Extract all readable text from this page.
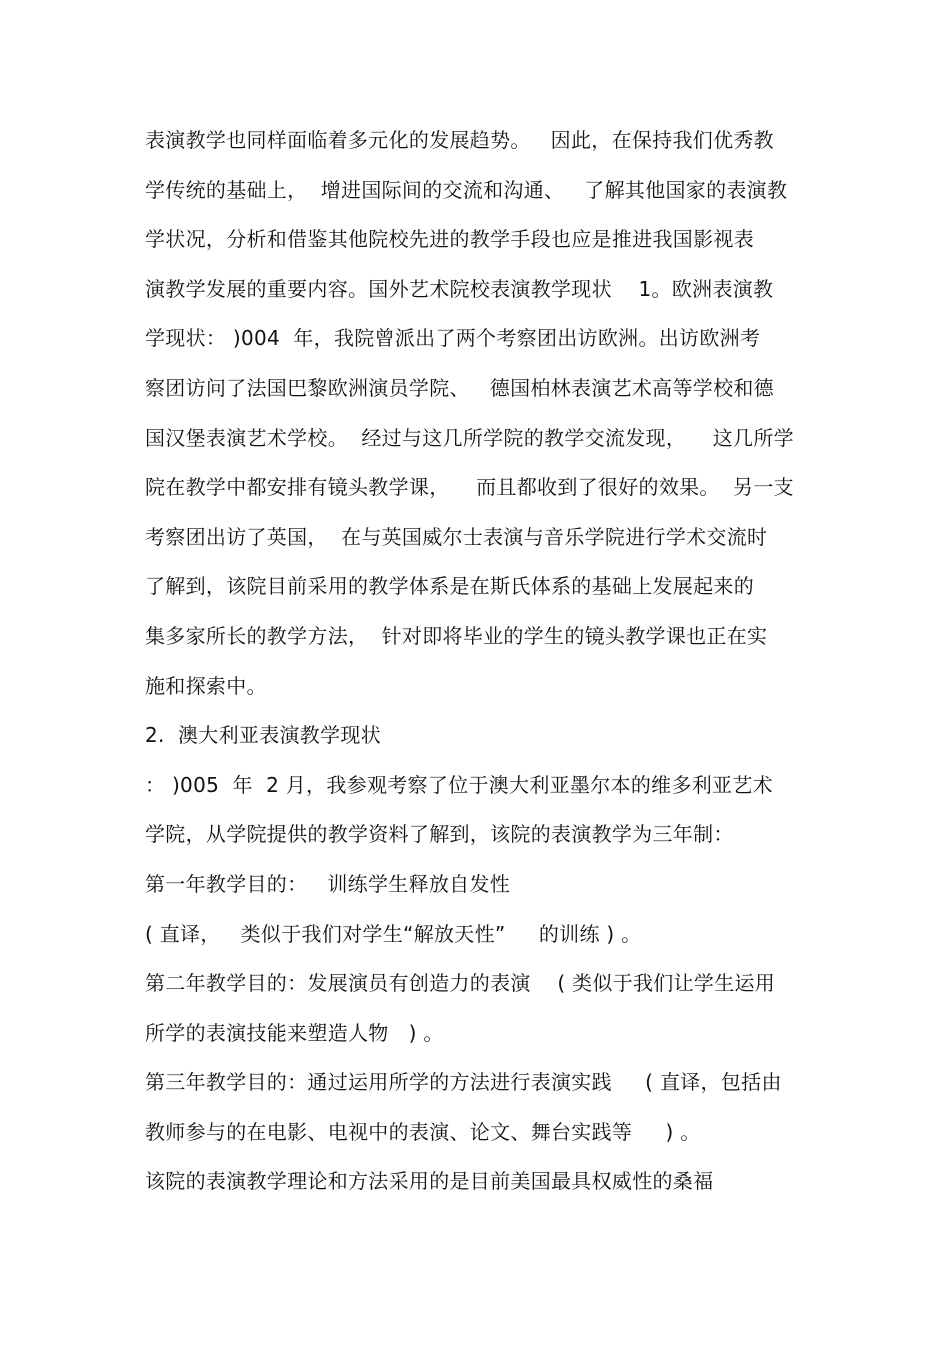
表演教学也同样面临着多元化的发展趋势。   因此，在保持我们优秀教
学传统的基础上，  增进国际间的交流和沟通、   了解其他国家的表演教
学状况，分析和借鉴其他院校先进的教学手段也应是推进我国影视表
演教学发展的重要内容。国外艺术院校表演教学现状    1。欧洲表演教
学现状： )004  年，我院曾派出了两个考察团出访欧洲。出访欧洲考
察团访问了法国巴黎欧洲演员学院、   德国柏林表演艺术高等学校和德
国汉堡表演艺术学校。  经过与这几所学院的教学交流发现，    这几所学
院在教学中都安排有镜头教学课，    而且都收到了很好的效果。  另一支
考察团出访了英国，  在与英国威尔士表演与音乐学院进行学术交流时
了解到，该院目前采用的教学体系是在斯氏体系的基础上发展起来的
集多家所长的教学方法，  针对即将毕业的学生的镜头教学课也正在实
施和探索中。
2.  澳大利亚表演教学现状
： )005  年  2 月，我参观考察了位于澳大利亚墨尔本的维多利亚艺术
学院，从学院提供的教学资料了解到，该院的表演教学为三年制：
第一年教学目的：   训练学生释放自发性
( 直译，   类似于我们对学生“解放天性”     的训练 ) 。
第二年教学目的：发展演员有创造力的表演    ( 类似于我们让学生运用
所学的表演技能来塑造人物   ) 。
第三年教学目的：通过运用所学的方法进行表演实践     ( 直译，包括由
教师参与的在电影、电视中的表演、论文、舞台实践等     ) 。
该院的表演教学理论和方法采用的是目前美国最具权威性的桑福
